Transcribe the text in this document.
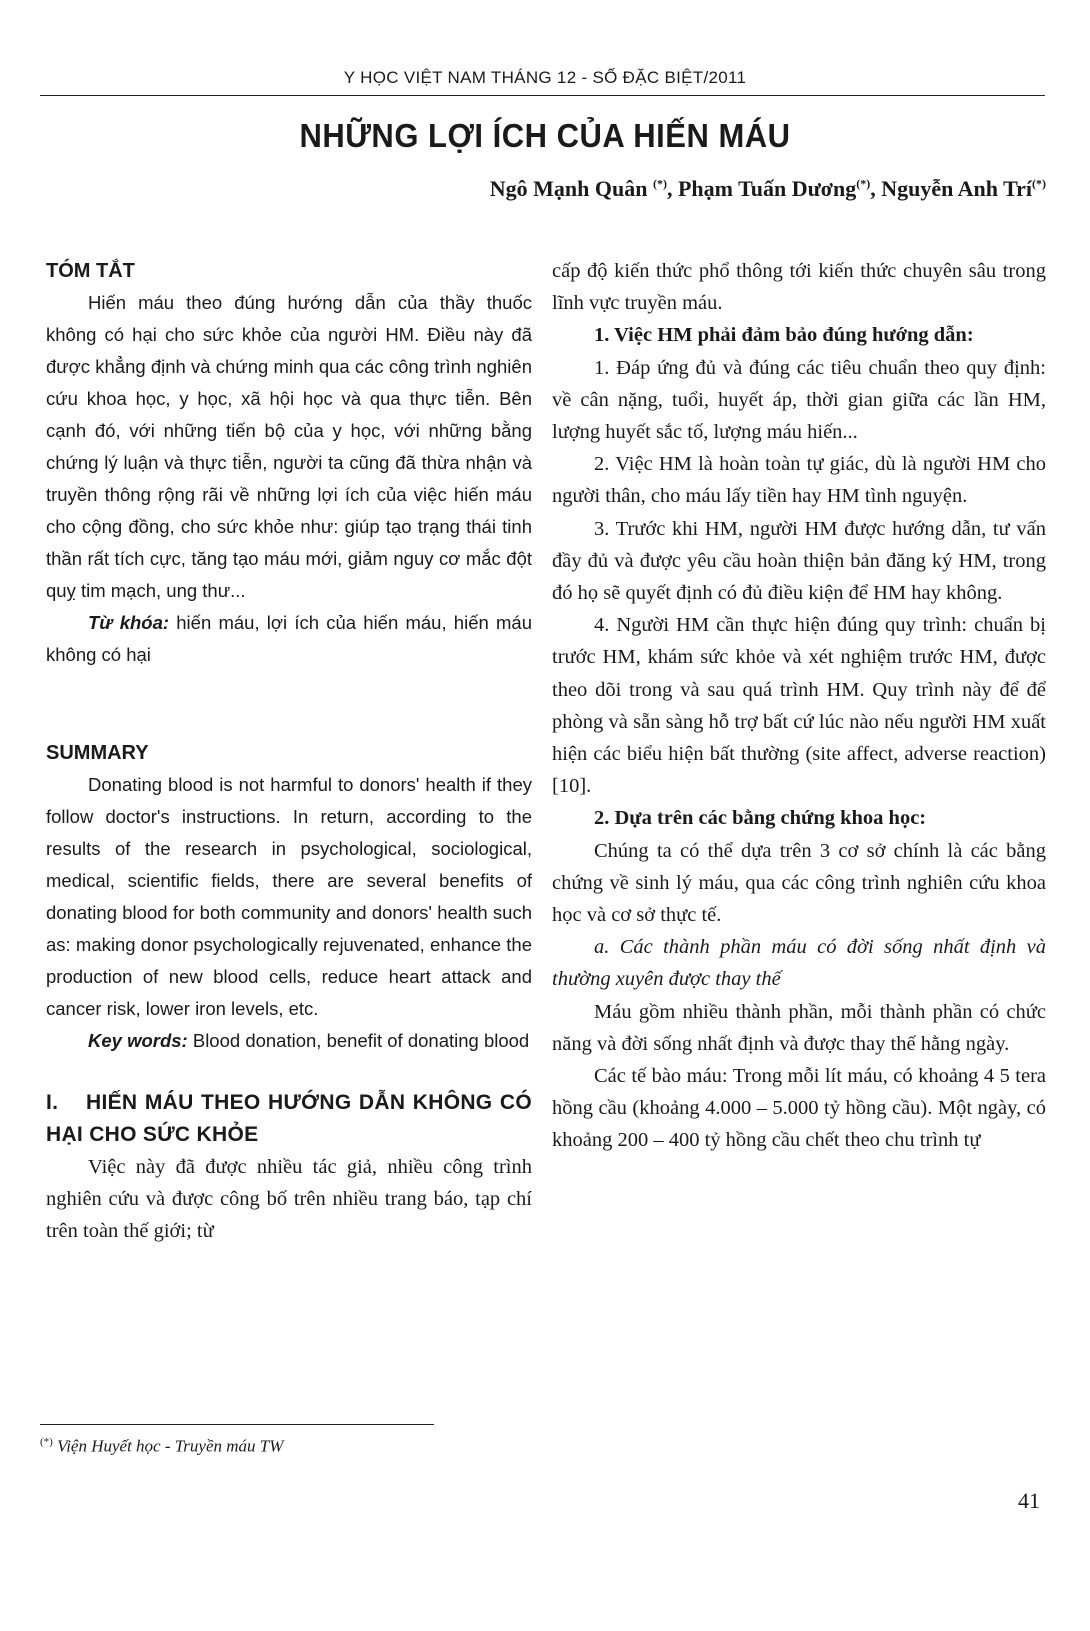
Y HỌC VIỆT NAM THÁNG 12 - SỐ ĐẶC BIỆT/2011
NHỮNG LỢI ÍCH CỦA HIẾN MÁU
Ngô Mạnh Quân (*), Phạm Tuấn Dương(*), Nguyễn Anh Trí(*)

TÓM TẮT

Hiến máu theo đúng hướng dẫn của thầy thuốc không có hại cho sức khỏe của người HM. Điều này đã được khẳng định và chứng minh qua các công trình nghiên cứu khoa học, y học, xã hội học và qua thực tiễn. Bên cạnh đó, với những tiến bộ của y học, với những bằng chứng lý luận và thực tiễn, người ta cũng đã thừa nhận và truyền thông rộng rãi về những lợi ích của việc hiến máu cho cộng đồng, cho sức khỏe như: giúp tạo trạng thái tinh thần rất tích cực, tăng tạo máu mới, giảm nguy cơ mắc đột quỵ tim mạch, ung thư...

Từ khóa: hiến máu, lợi ích của hiến máu, hiến máu không có hại

SUMMARY

Donating blood is not harmful to donors' health if they follow doctor's instructions. In return, according to the results of the research in psychological, sociological, medical, scientific fields, there are several benefits of donating blood for both community and donors' health such as: making donor psychologically rejuvenated, enhance the production of new blood cells, reduce heart attack and cancer risk, lower iron levels, etc.

Key words: Blood donation, benefit of donating blood

I. HIẾN MÁU THEO HƯỚNG DẪN KHÔNG CÓ HẠI CHO SỨC KHỎE

Việc này đã được nhiều tác giả, nhiều công trình nghiên cứu và được công bố trên nhiều trang báo, tạp chí trên toàn thế giới; từ

cấp độ kiến thức phổ thông tới kiến thức chuyên sâu trong lĩnh vực truyền máu.

1. Việc HM phải đảm bảo đúng hướng dẫn:

1. Đáp ứng đủ và đúng các tiêu chuẩn theo quy định: về cân nặng, tuổi, huyết áp, thời gian giữa các lần HM, lượng huyết sắc tố, lượng máu hiến...

2. Việc HM là hoàn toàn tự giác, dù là người HM cho người thân, cho máu lấy tiền hay HM tình nguyện.

3. Trước khi HM, người HM được hướng dẫn, tư vấn đầy đủ và được yêu cầu hoàn thiện bản đăng ký HM, trong đó họ sẽ quyết định có đủ điều kiện để HM hay không.

4. Người HM cần thực hiện đúng quy trình: chuẩn bị trước HM, khám sức khỏe và xét nghiệm trước HM, được theo dõi trong và sau quá trình HM. Quy trình này để để phòng và sẵn sàng hỗ trợ bất cứ lúc nào nếu người HM xuất hiện các biểu hiện bất thường (site affect, adverse reaction) [10].

2. Dựa trên các bằng chứng khoa học:

Chúng ta có thể dựa trên 3 cơ sở chính là các bằng chứng về sinh lý máu, qua các công trình nghiên cứu khoa học và cơ sở thực tế.

a. Các thành phần máu có đời sống nhất định và thường xuyên được thay thế

Máu gồm nhiều thành phần, mỗi thành phần có chức năng và đời sống nhất định và được thay thế hằng ngày.

Các tế bào máu: Trong mỗi lít máu, có khoảng 4 5 tera hồng cầu (khoảng 4.000 – 5.000 tỷ hồng cầu). Một ngày, có khoảng 200 – 400 tỷ hồng cầu chết theo chu trình tự

(*) Viện Huyết học - Truyền máu TW
41
